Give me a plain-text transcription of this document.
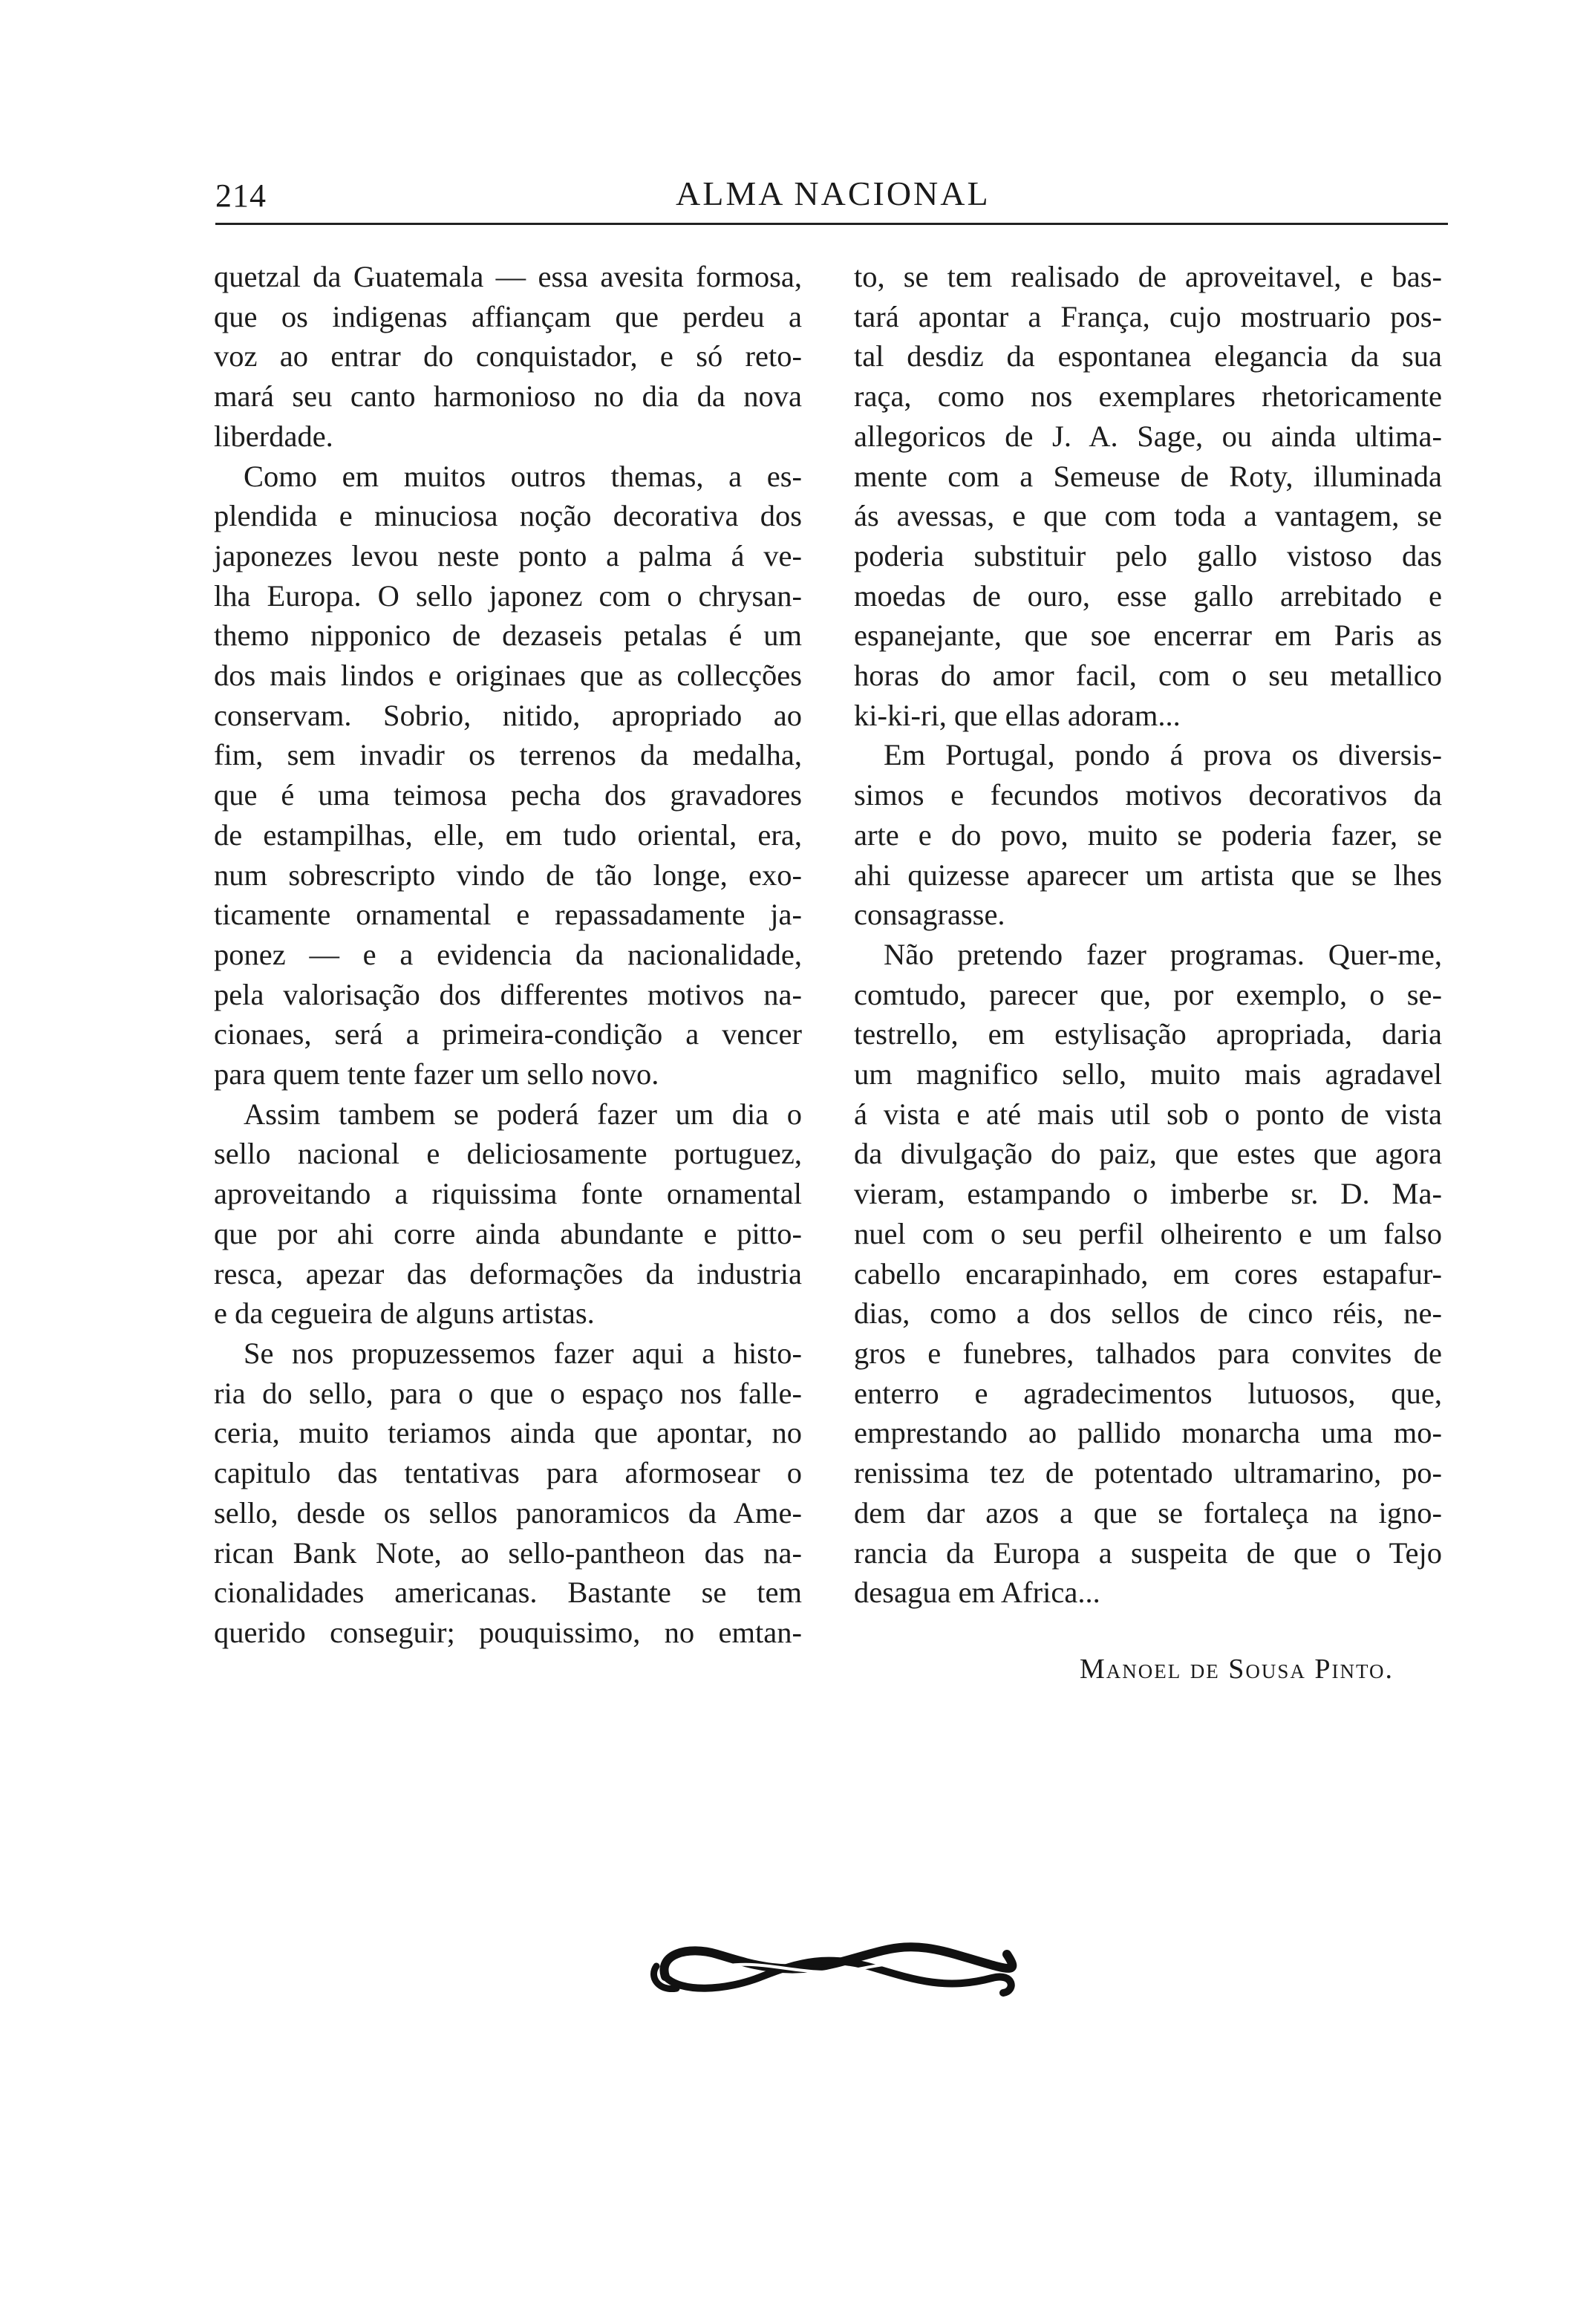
214	ALMA NACIONAL
quetzal da Guatemala — essa avesita formosa,
que os indigenas affiançam que perdeu a
voz ao entrar do conquistador, e só reto-
mará seu canto harmonioso no dia da nova
liberdade.
Como em muitos outros themas, a es-
plendida e minuciosa noção decorativa dos
japonezes levou neste ponto a palma á ve-
lha Europa. O sello japonez com o chrysan-
themo nipponico de dezaseis petalas é um
dos mais lindos e originaes que as collecções
conservam. Sobrio, nitido, apropriado ao
fim, sem invadir os terrenos da medalha,
que é uma teimosa pecha dos gravadores
de estampilhas, elle, em tudo oriental, era,
num sobrescripto vindo de tão longe, exo-
ticamente ornamental e repassadamente ja-
ponez — e a evidencia da nacionalidade,
pela valorisação dos differentes motivos na-
cionaes, será a primeira-condição a vencer
para quem tente fazer um sello novo.
Assim tambem se poderá fazer um dia o
sello nacional e deliciosamente portuguez,
aproveitando a riquissima fonte ornamental
que por ahi corre ainda abundante e pitto-
resca, apezar das deformações da industria
e da cegueira de alguns artistas.
Se nos propuzessemos fazer aqui a histo-
ria do sello, para o que o espaço nos falle-
ceria, muito teriamos ainda que apontar, no
capitulo das tentativas para aformosear o
sello, desde os sellos panoramicos da Ame-
rican Bank Note, ao sello-pantheon das na-
cionalidades americanas. Bastante se tem
querido conseguir; pouquissimo, no emtan-
to, se tem realisado de aproveitavel, e bas-
tará apontar a França, cujo mostruario pos-
tal desdiz da espontanea elegancia da sua
raça, como nos exemplares rhetoricamente
allegoricos de J. A. Sage, ou ainda ultima-
mente com a Semeuse de Roty, illuminada
ás avessas, e que com toda a vantagem, se
poderia substituir pelo gallo vistoso das
moedas de ouro, esse gallo arrebitado e
espanejante, que soe encerrar em Paris as
horas do amor facil, com o seu metallico
ki-ki-ri, que ellas adoram...
Em Portugal, pondo á prova os diversis-
simos e fecundos motivos decorativos da
arte e do povo, muito se poderia fazer, se
ahi quizesse aparecer um artista que se lhes
consagrasse.
Não pretendo fazer programas. Quer-me,
comtudo, parecer que, por exemplo, o se-
testrello, em estylisação apropriada, daria
um magnifico sello, muito mais agradavel
á vista e até mais util sob o ponto de vista
da divulgação do paiz, que estes que agora
vieram, estampando o imberbe sr. D. Ma-
nuel com o seu perfil olheirento e um falso
cabello encarapinhado, em cores estapafur-
dias, como a dos sellos de cinco réis, ne-
gros e funebres, talhados para convites de
enterro e agradecimentos lutuosos, que,
emprestando ao pallido monarcha uma mo-
renissima tez de potentado ultramarino, po-
dem dar azos a que se fortaleça na igno-
rancia da Europa a suspeita de que o Tejo
desagua em Africa...
Manoel de Sousa Pinto.
